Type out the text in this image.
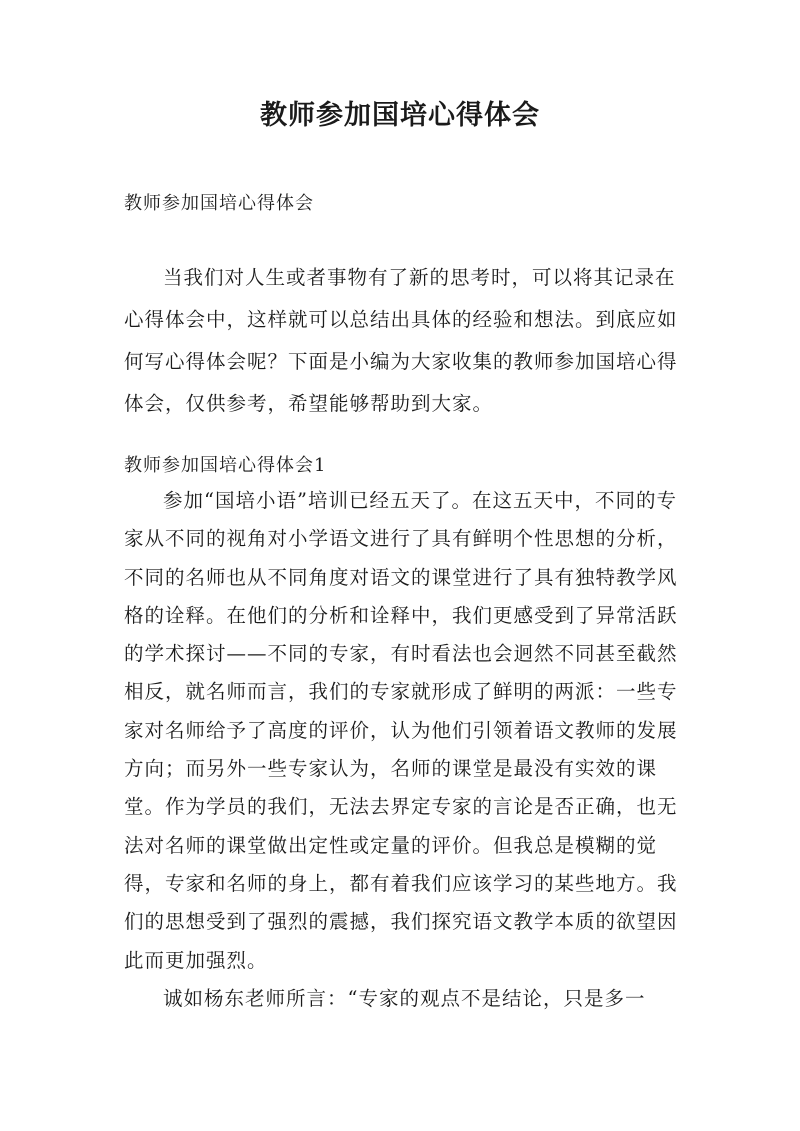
教师参加国培心得体会
教师参加国培心得体会

当我们对人生或者事物有了新的思考时，可以将其记录在心得体会中，这样就可以总结出具体的经验和想法。到底应如何写心得体会呢？下面是小编为大家收集的教师参加国培心得体会，仅供参考，希望能够帮助到大家。

教师参加国培心得体会1

参加“国培小语”培训已经五天了。在这五天中，不同的专家从不同的视角对小学语文进行了具有鲜明个性思想的分析，不同的名师也从不同角度对语文的课堂进行了具有独特教学风格的诠释。在他们的分析和诠释中，我们更感受到了异常活跃的学术探讨——不同的专家，有时看法也会迥然不同甚至截然相反，就名师而言，我们的专家就形成了鲜明的两派：一些专家对名师给予了高度的评价，认为他们引领着语文教师的发展方向；而另外一些专家认为，名师的课堂是最没有实效的课堂。作为学员的我们，无法去界定专家的言论是否正确，也无法对名师的课堂做出定性或定量的评价。但我总是模糊的觉得，专家和名师的身上，都有着我们应该学习的某些地方。我们的思想受到了强烈的震撼，我们探究语文教学本质的欲望因此而更加强烈。

诚如杨东老师所言：“专家的观点不是结论，只是多一
